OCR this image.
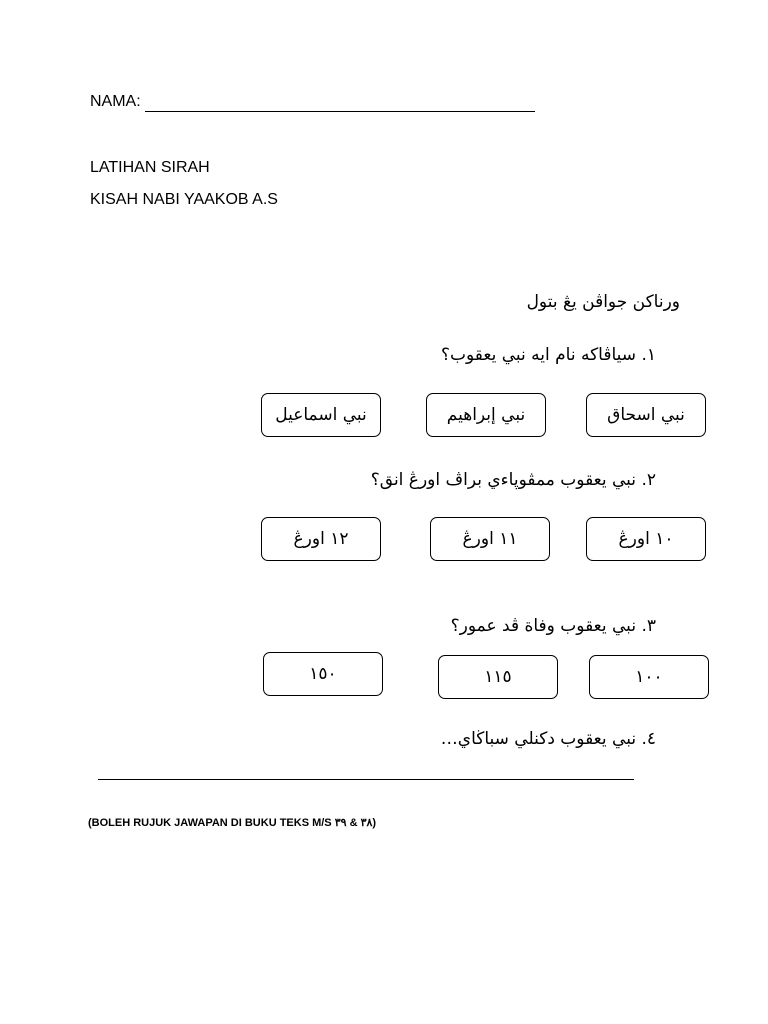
NAMA:
LATIHAN SIRAH
KISAH NABI YAAKOB A.S
ورناكن جواڤن يڠ بتول
١. سياڤاكه نام ايه نبي يعقوب؟
نبي اسحاق
نبي إبراهيم
نبي اسماعيل
٢. نبي يعقوب ممڤوڽاءي براڤ اورڠ انق؟
١٠ اورڠ
١١ اورڠ
١٢ اورڠ
٣. نبي يعقوب وفاة ڤد عمور؟
١٠٠
١١٥
١٥٠
٤. نبي يعقوب دكنلي سباڬاي…
(BOLEH RUJUK JAWAPAN DI BUKU TEKS M/S ٣٨ & ٣٩)
